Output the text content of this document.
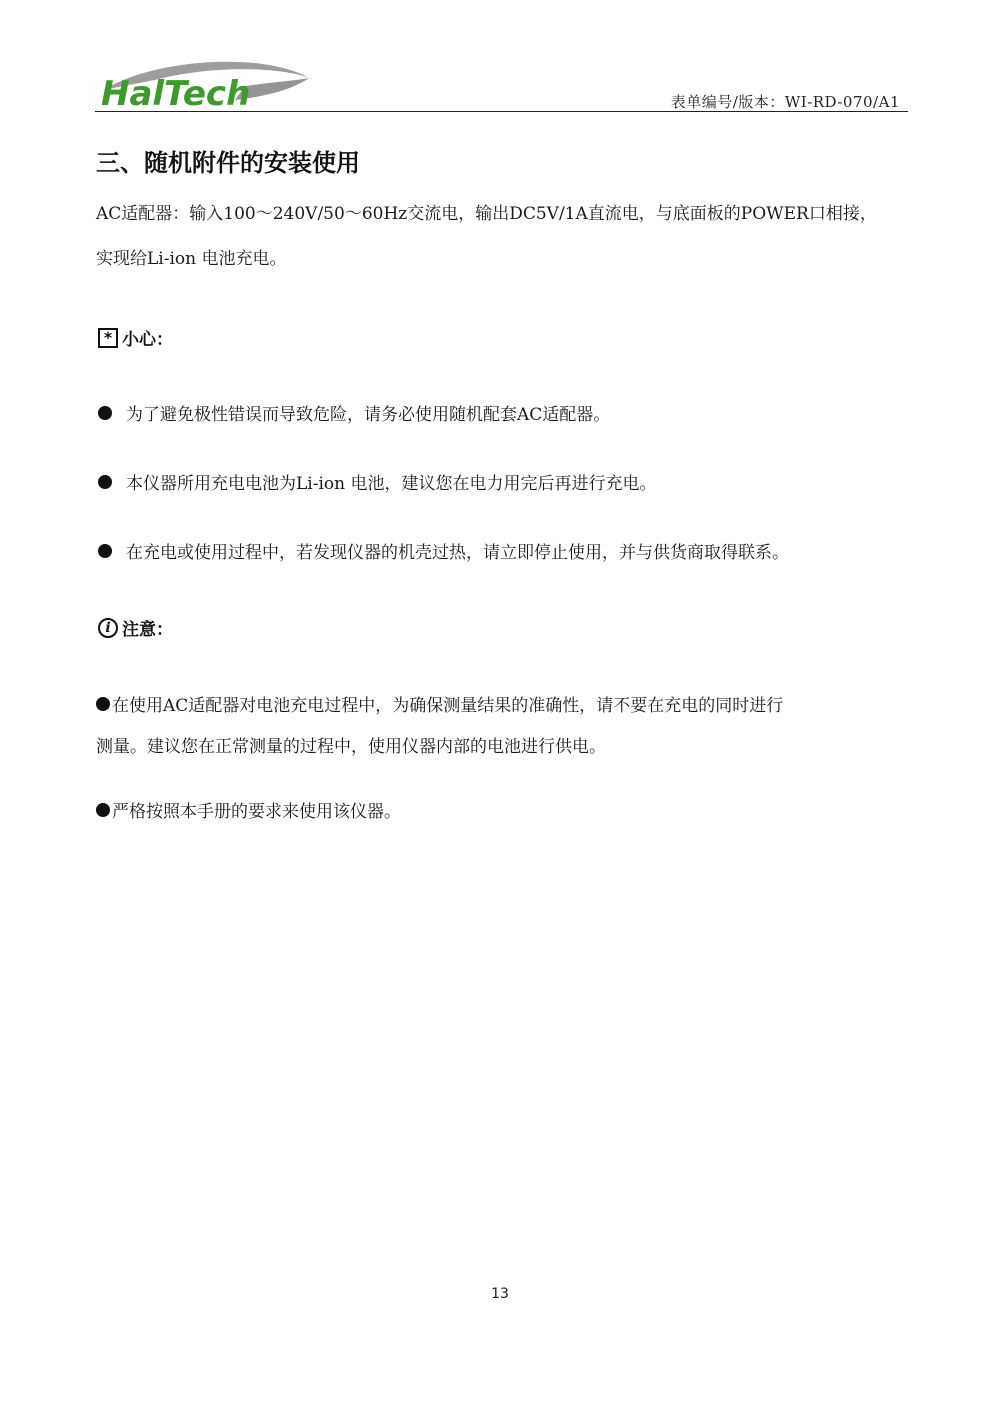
HalTech	表单编号/版本：WI-RD-070/A1
三、随机附件的安装使用
AC适配器：输入100～240V/50～60Hz交流电，输出DC5V/1A直流电，与底面板的POWER口相接，
实现给Li-ion 电池充电。
* 小心：
为了避免极性错误而导致危险，请务必使用随机配套AC适配器。
本仪器所用充电电池为Li-ion 电池，建议您在电力用完后再进行充电。
在充电或使用过程中，若发现仪器的机壳过热，请立即停止使用，并与供货商取得联系。
i 注意：
在使用AC适配器对电池充电过程中，为确保测量结果的准确性，请不要在充电的同时进行
测量。建议您在正常测量的过程中，使用仪器内部的电池进行供电。
严格按照本手册的要求来使用该仪器。
13
